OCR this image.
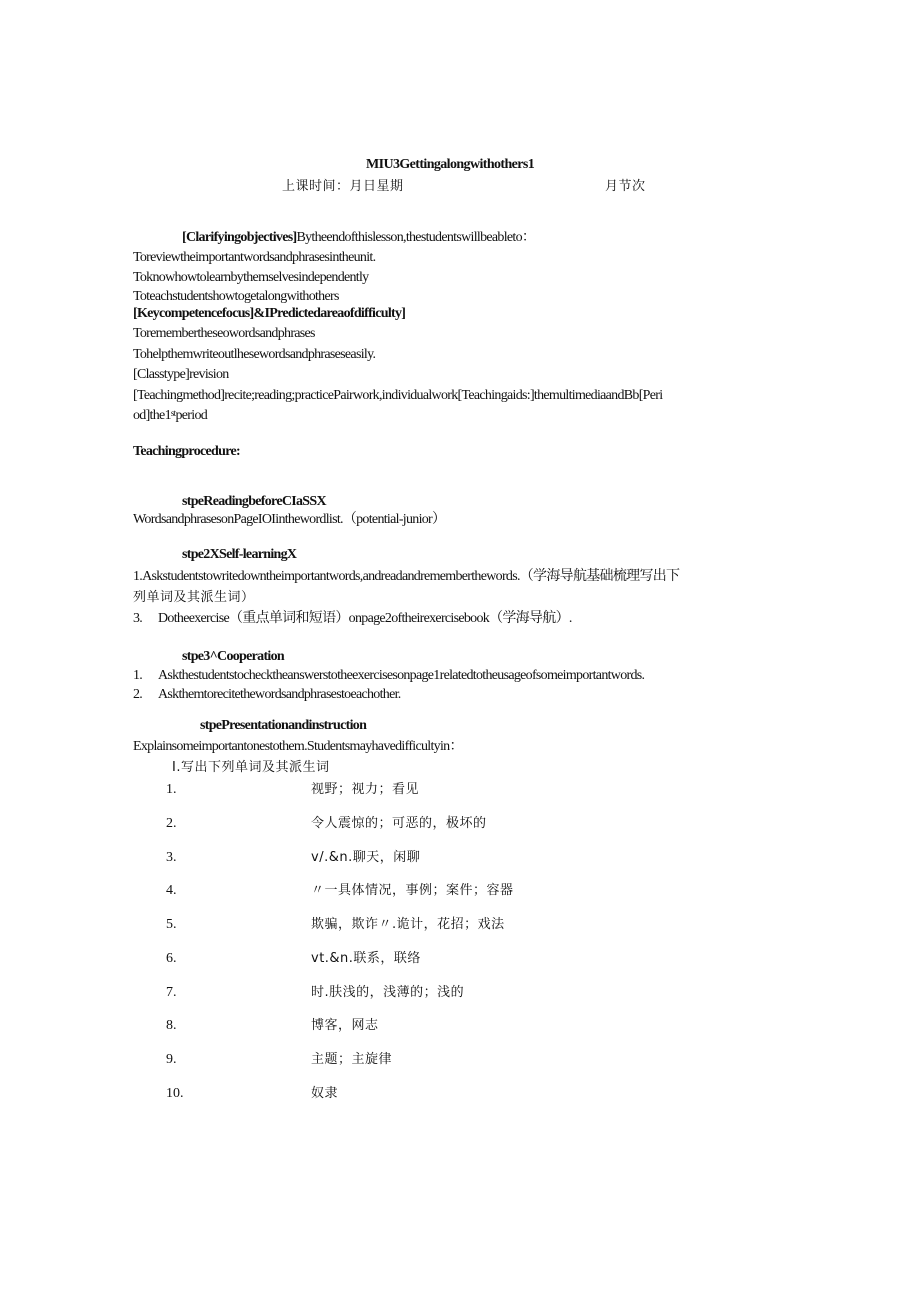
MIU3Gettingalongwithothers1
上课时间：月日星期	月节次
[Clarifyingobjectives]Bytheendofthislesson,thestudentswillbeableto：
Toreviewtheimportantwordsandphrasesintheunit.
Toknowhowtolearnbythemselvesindependently
Toteachstudentshowtogetalongwithothers
[Keycompetencefocus]&IPredictedareaofdifficulty]
Toremembertheseowordsandphrases
Tohelpthemwriteoutlhesewordsandphraseseasily.
[Classtype]revision
[Teachingmethod]recite;reading;practicePairwork,individualwork[Teachingaids:]themultimediaandBb[Peri
od]the1stperiod
Teachingprocedure:
stpeReadingbeforeCIaSSX
WordsandphrasesonPageIOIinthewordlist.（potential-junior）
stpe2XSelf-learningX
1.Askstudentstowritedowntheimportantwords,andreadandrememberthewords.（学海导航基础梳理写出下
列单词及其派生词）
3. Dotheexercise（重点单词和短语）onpage2oftheirexercisebook（学海导航）.
stpe3^Cooperation
1. Askthestudentstochecktheanswerstotheexercisesonpage1relatedtotheusageofsomeimportantwords.
2. Askthemtorecitethewordsandphrasestoeachother.
stpePresentationandinstruction
Explainsomeimportantonestothem.Studentsmayhavedifficultyin：
I.写出下列单词及其派生词
1.	视野；视力；看见
2.	令人震惊的；可恶的，极坏的
3.	v/.&n.聊天，闲聊
4.	〃一具体情况，事例；案件；容器
5.	欺骗，欺诈〃.诡计，花招；戏法
6.	vt.&n.联系，联络
7.	时.肤浅的，浅薄的；浅的
8.	博客，网志
9.	主题；主旋律
10.	奴隶
